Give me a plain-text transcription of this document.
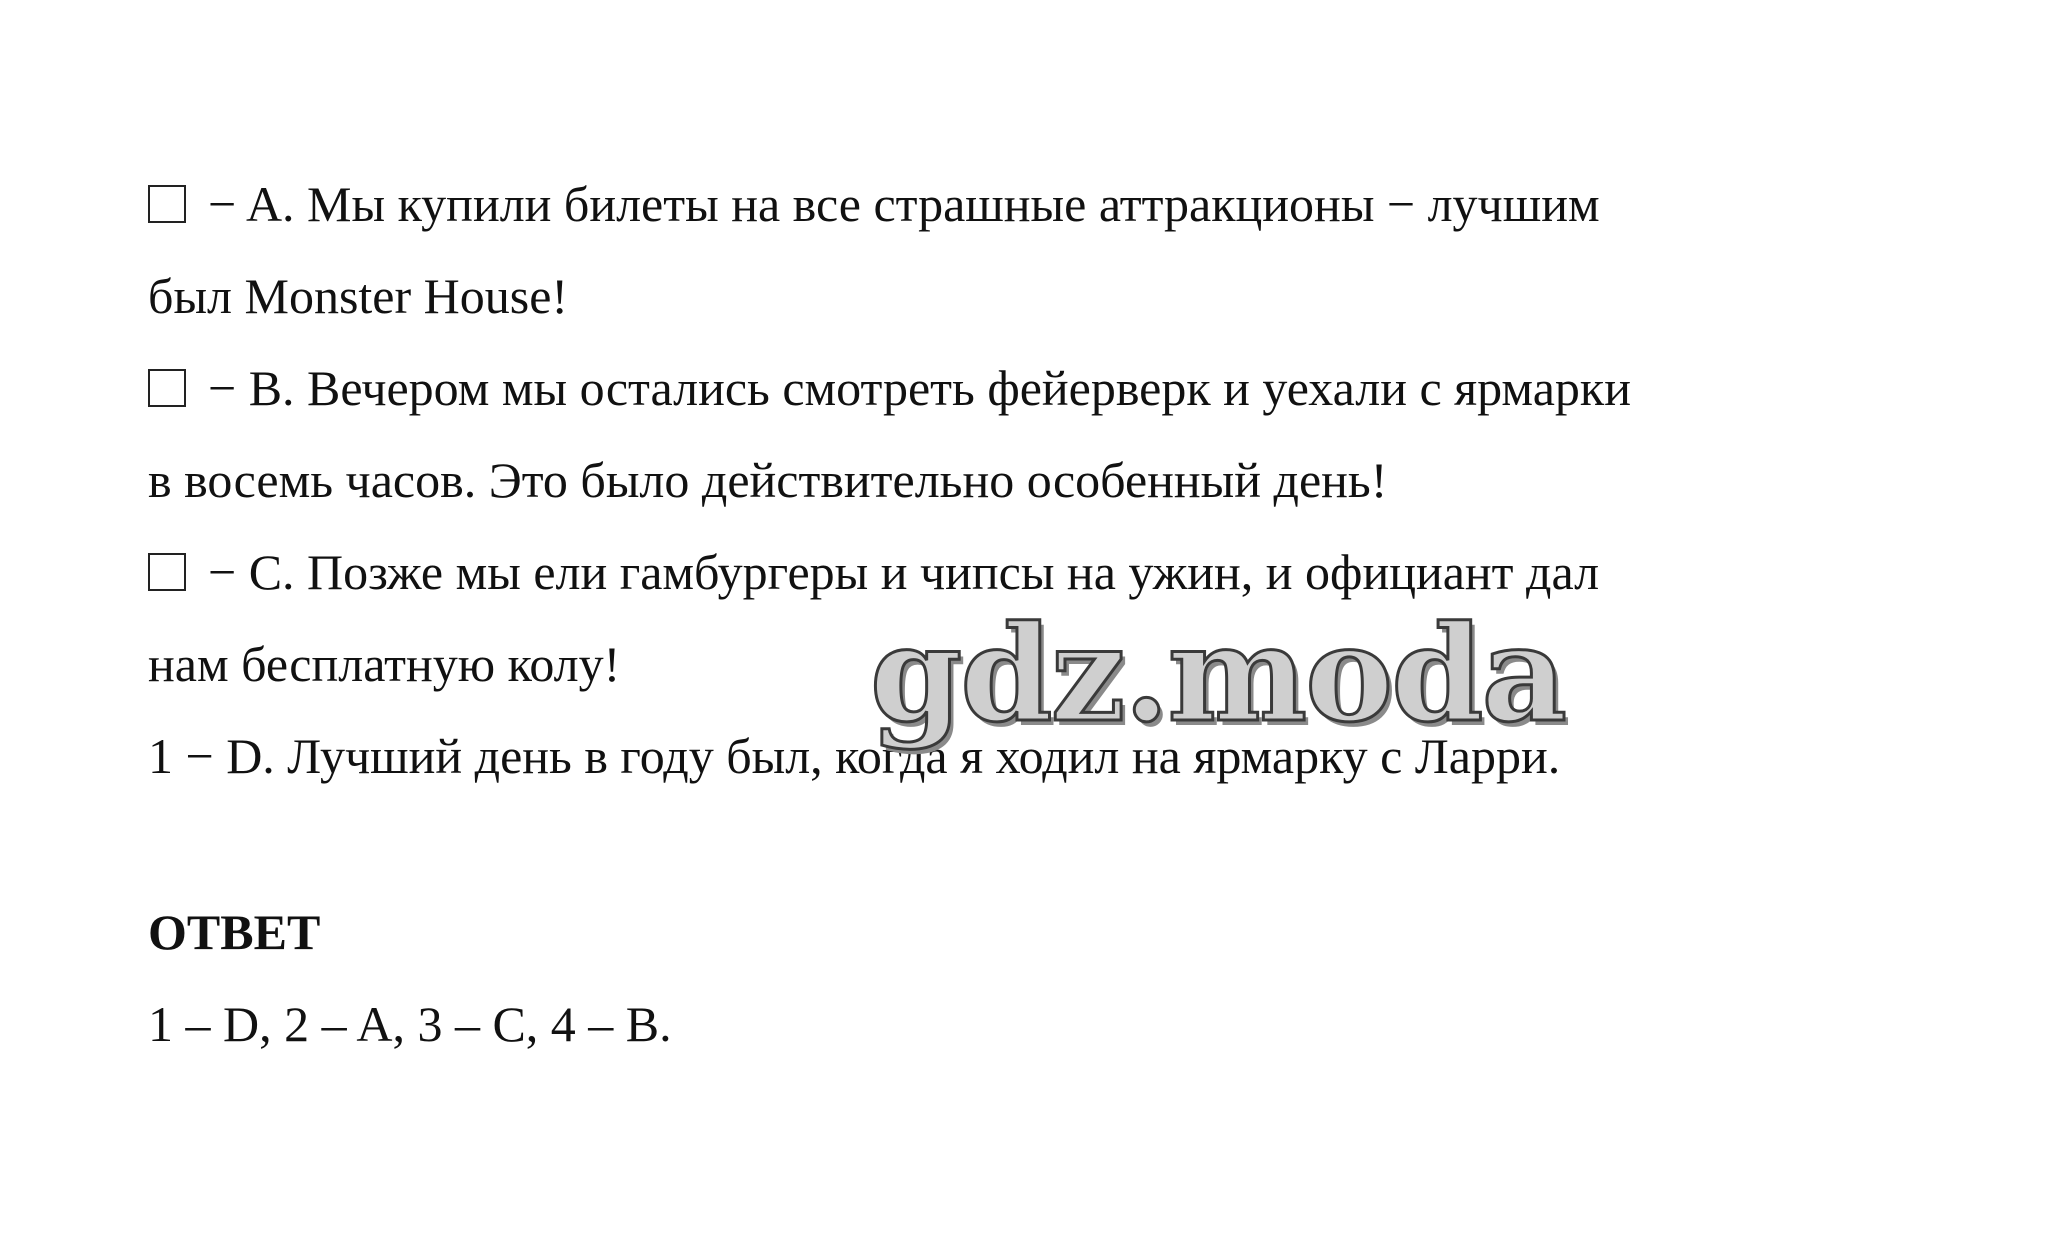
− A. Мы купили билеты на все страшные аттракционы − лучшим

был Monster House!

− B. Вечером мы остались смотреть фейерверк и уехали с ярмарки

в восемь часов. Это было действительно особенный день!

− C. Позже мы ели гамбургеры и чипсы на ужин, и официант дал

нам бесплатную колу!

1 − D. Лучший день в году был, когда я ходил на ярмарку с Ларри.

ОТВЕТ

1 – D, 2 – A, 3 – C, 4 – B.

gdz.moda
